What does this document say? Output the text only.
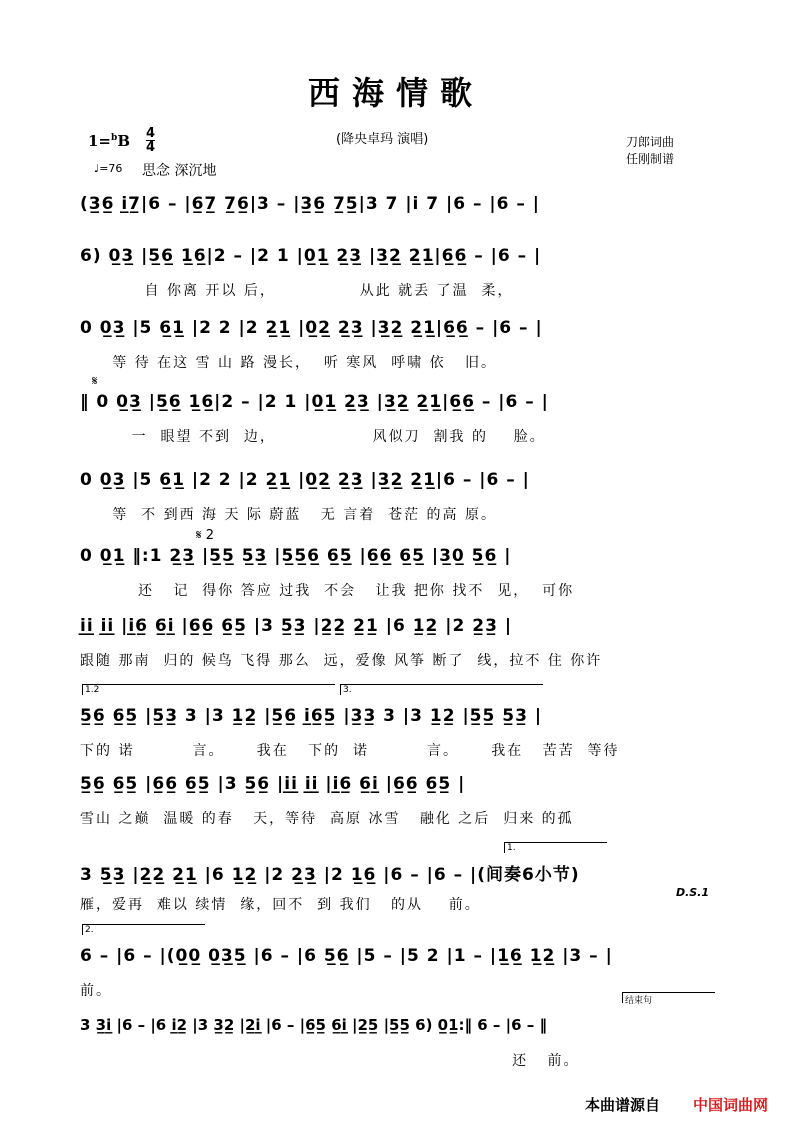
西海情歌
(降央卓玛 演唱)	刀郎词曲
任刚制谱
1=$^b$B 4
4
♩=76 思念 深沉地
(3̲6̲ i̲7̲|6 – |6̲7̲ 7̲6̲|3 – |3̲6̲ 7̲5̲|3 7 |i 7 |6 – |6 – |
6) 0̲3̲ |5̲6̲ 1̲6̲|2 – |2 1 |0̲1̲ 2̲3̲ |3̲2̲ 2̲1̲|6̲6̲ – |6 – |
自 你离 开以 后，             从此 就丢 了温  柔，
0 0̲3̲ |5 6̲1̲ |2 2 |2 2̲1̲ |0̲2̲ 2̲3̲ |3̲2̲ 2̲1̲|6̲6̲ – |6 – |
等 待 在这 雪 山 路 漫长，  听 寒风  呼啸 依   旧。
𝄋
‖ 0 0̲3̲ |5̲6̲ 1̲6̲|2 – |2 1 |0̲1̲ 2̲3̲ |3̲2̲ 2̲1̲|6̲6̲ – |6 – |
一  眼望 不到  边，               风似刀  割我 的    脸。
0 0̲3̲ |5 6̲1̲ |2 2 |2 2̲1̲ |0̲2̲ 2̲3̲ |3̲2̲ 2̲1̲|6 – |6 – |
等  不 到西 海 天 际 蔚蓝   无 言着  苍茫 的高 原。
𝄋 2
0 0̲1̲ ‖:1 2̲3̲ |5̲5̲ 5̲3̲ |5̲5̲6̲ 6̲5̲ |6̲6̲ 6̲5̲ |3̲0̲ 5̲6̲ |
还   记  得你 答应 过我  不会   让我 把你 找不  见，  可你
i̲i̲ i̲i̲ |i̲6̲ 6̲i̲ |6̲6̲ 6̲5̲ |3 5̲3̲ |2̲2̲ 2̲1̲ |6 1̲2̲ |2 2̲3̲ |
跟随 那南  归的 候鸟 飞得 那么  远，爱像 风筝 断了  线，拉不 住 你许
1.2	3.
5̲6̲ 6̲5̲ |5̲3̲ 3 |3 1̲2̲ |5̲6̲ i̲6̲5̲ |3̲3̲ 3 |3 1̲2̲ |5̲5̲ 5̲3̲ |
下的 诺         言。     我在   下的  诺         言。     我在   苦苦  等待
5̲6̲ 6̲5̲ |6̲6̲ 6̲5̲ |3 5̲6̲ |i̲i̲ i̲i̲ |i̲6̲ 6̲i̲ |6̲6̲ 6̲5̲ |
雪山 之巅  温暖 的春   天，等待  高原 冰雪   融化 之后  归来 的孤
1.
3 5̲3̲ |2̲2̲ 2̲1̲ |6 1̲2̲ |2 2̲3̲ |2 1̲6̲ |6 – |6 – |(间奏6小节)
雁，爱再  难以 续情  缘，回不  到 我们   的从    前。
D.S.1
2.
6 – |6 – |(0̲0̲ 0̲3̲5̲ |6 – |6 5̲6̲ |5 – |5 2 |1 – |1̲6̲ 1̲2̲ |3 – |
前。
结束句
3 3̲i̲ |6 – |6 i̲2̲ |3 3̲2̲ |2̲i̲ |6 – |6̲5̲ 6̲i̲ |2̲5̲ |5̲5̲ 6) 0̲1̲:‖ 6 – |6 – ‖
还   前。
本曲谱源自 中国词曲网
